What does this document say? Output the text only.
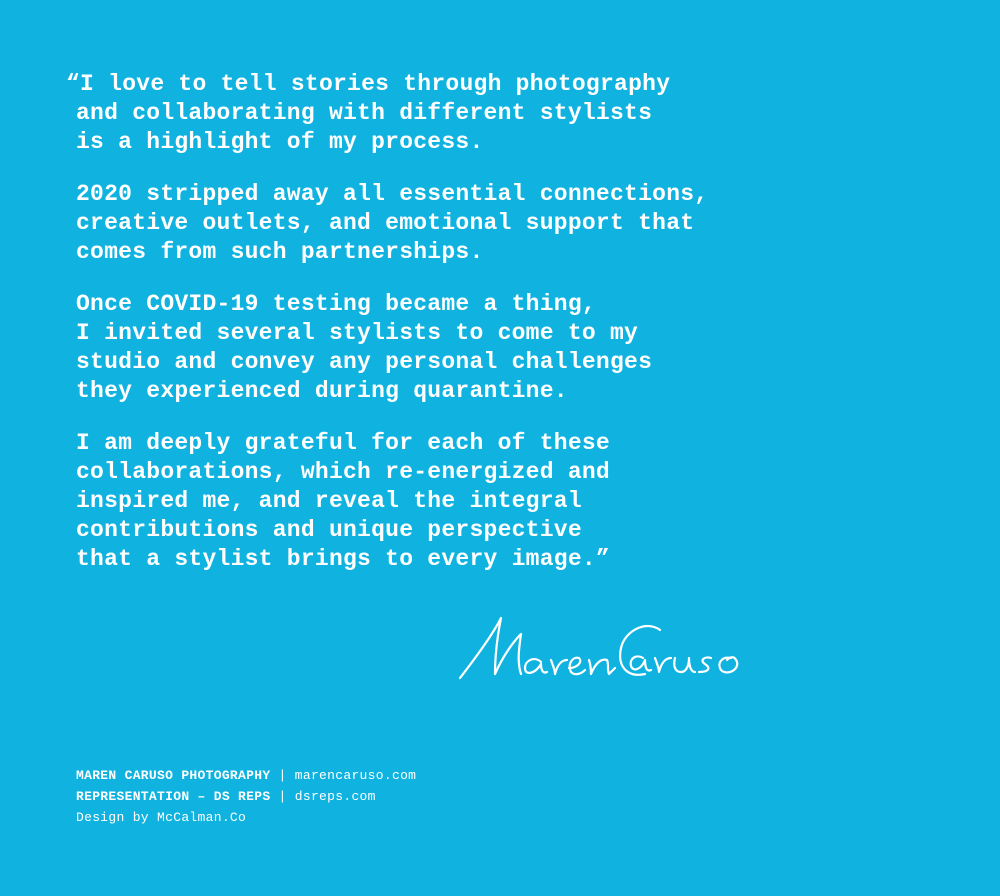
“I love to tell stories through photography
and collaborating with different stylists
is a highlight of my process.

2020 stripped away all essential connections,
creative outlets, and emotional support that
comes from such partnerships.

Once COVID-19 testing became a thing,
I invited several stylists to come to my
studio and convey any personal challenges
they experienced during quarantine.

I am deeply grateful for each of these
collaborations, which re-energized and
inspired me, and reveal the integral
contributions and unique perspective
that a stylist brings to every image.”

MAREN CARUSO PHOTOGRAPHY | marencaruso.com
REPRESENTATION – DS REPS | dsreps.com
Design by McCalman.Co
